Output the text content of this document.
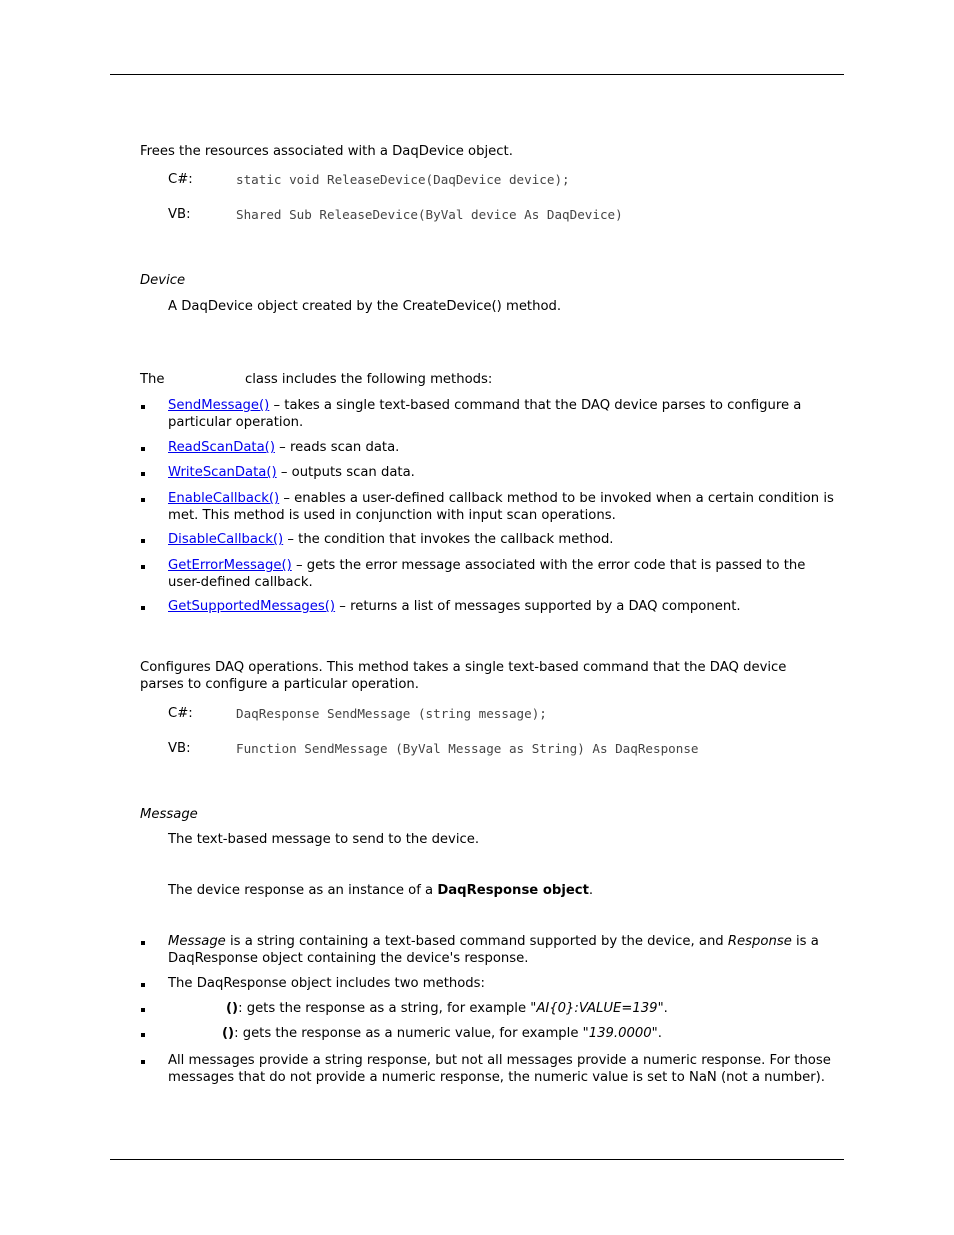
Frees the resources associated with a DaqDevice object.
C#:	static void ReleaseDevice(DaqDevice device);
VB:	Shared Sub ReleaseDevice(ByVal device As DaqDevice)
Device
A DaqDevice object created by the CreateDevice() method.
The	class includes the following methods:
SendMessage() – takes a single text-based command that the DAQ device parses to configure a particular operation.
ReadScanData() – reads scan data.
WriteScanData() – outputs scan data.
EnableCallback() – enables a user-defined callback method to be invoked when a certain condition is met. This method is used in conjunction with input scan operations.
DisableCallback() – the condition that invokes the callback method.
GetErrorMessage() – gets the error message associated with the error code that is passed to the user-defined callback.
GetSupportedMessages() – returns a list of messages supported by a DAQ component.
Configures DAQ operations. This method takes a single text-based command that the DAQ device parses to configure a particular operation.
C#:	DaqResponse SendMessage (string message);
VB:	Function SendMessage (ByVal Message as String) As DaqResponse
Message
The text-based message to send to the device.
The device response as an instance of a DaqResponse object.
Message is a string containing a text-based command supported by the device, and Response is a DaqResponse object containing the device's response.
The DaqResponse object includes two methods:
(): gets the response as a string, for example "AI{0}:VALUE=139".
(): gets the response as a numeric value, for example "139.0000".
All messages provide a string response, but not all messages provide a numeric response. For those messages that do not provide a numeric response, the numeric value is set to NaN (not a number).
